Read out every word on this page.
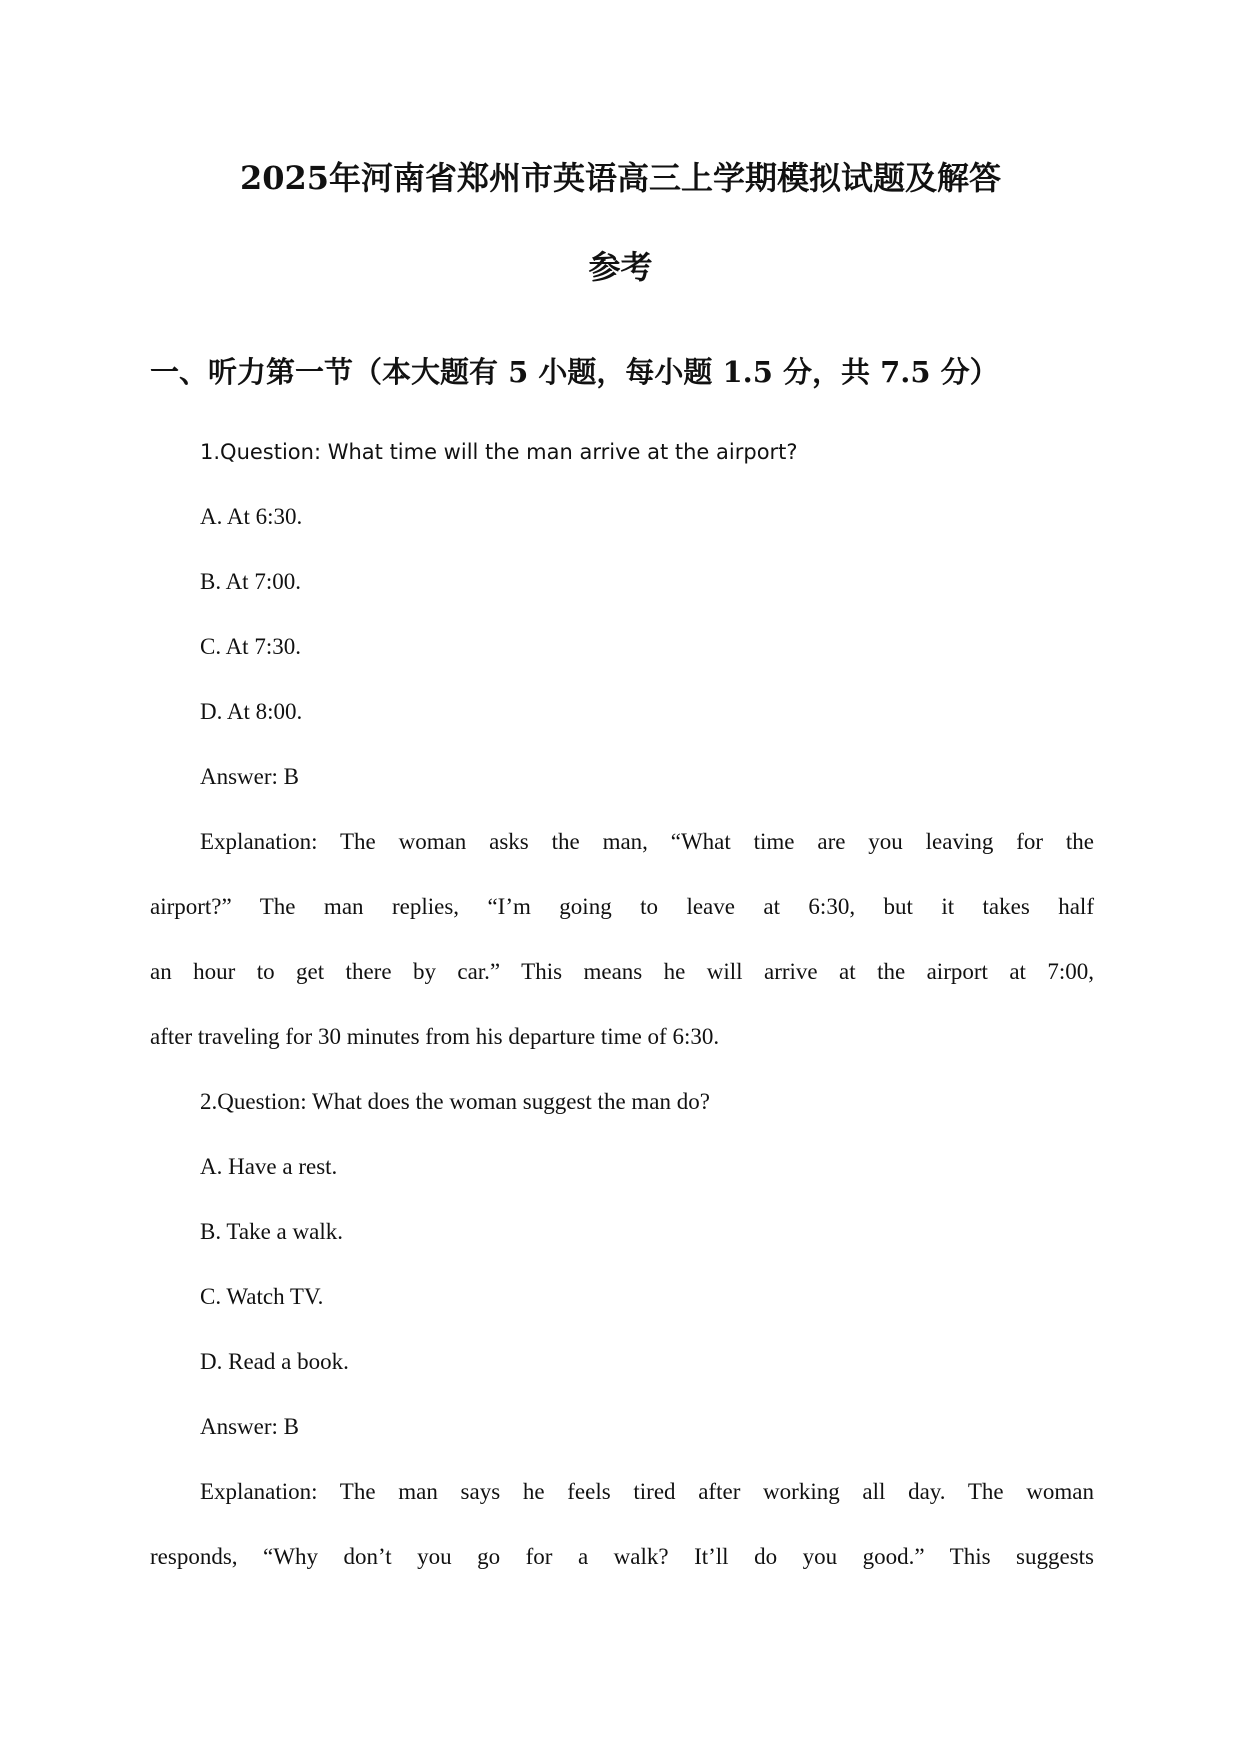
2025年河南省郑州市英语高三上学期模拟试题及解答
参考
一、听力第一节（本大题有 5 小题，每小题 1.5 分，共 7.5 分）
1.Question: What time will the man arrive at the airport?
A. At 6:30.
B. At 7:00.
C. At 7:30.
D. At 8:00.
Answer: B
Explanation: The woman asks the man, “What time are you leaving for the
airport?” The man replies, “I’m going to leave at 6:30, but it takes half
an hour to get there by car.” This means he will arrive at the airport at 7:00,
after traveling for 30 minutes from his departure time of 6:30.
2.Question: What does the woman suggest the man do?
A. Have a rest.
B. Take a walk.
C. Watch TV.
D. Read a book.
Answer: B
Explanation: The man says he feels tired after working all day. The woman
responds, “Why don’t you go for a walk? It’ll do you good.” This suggests
